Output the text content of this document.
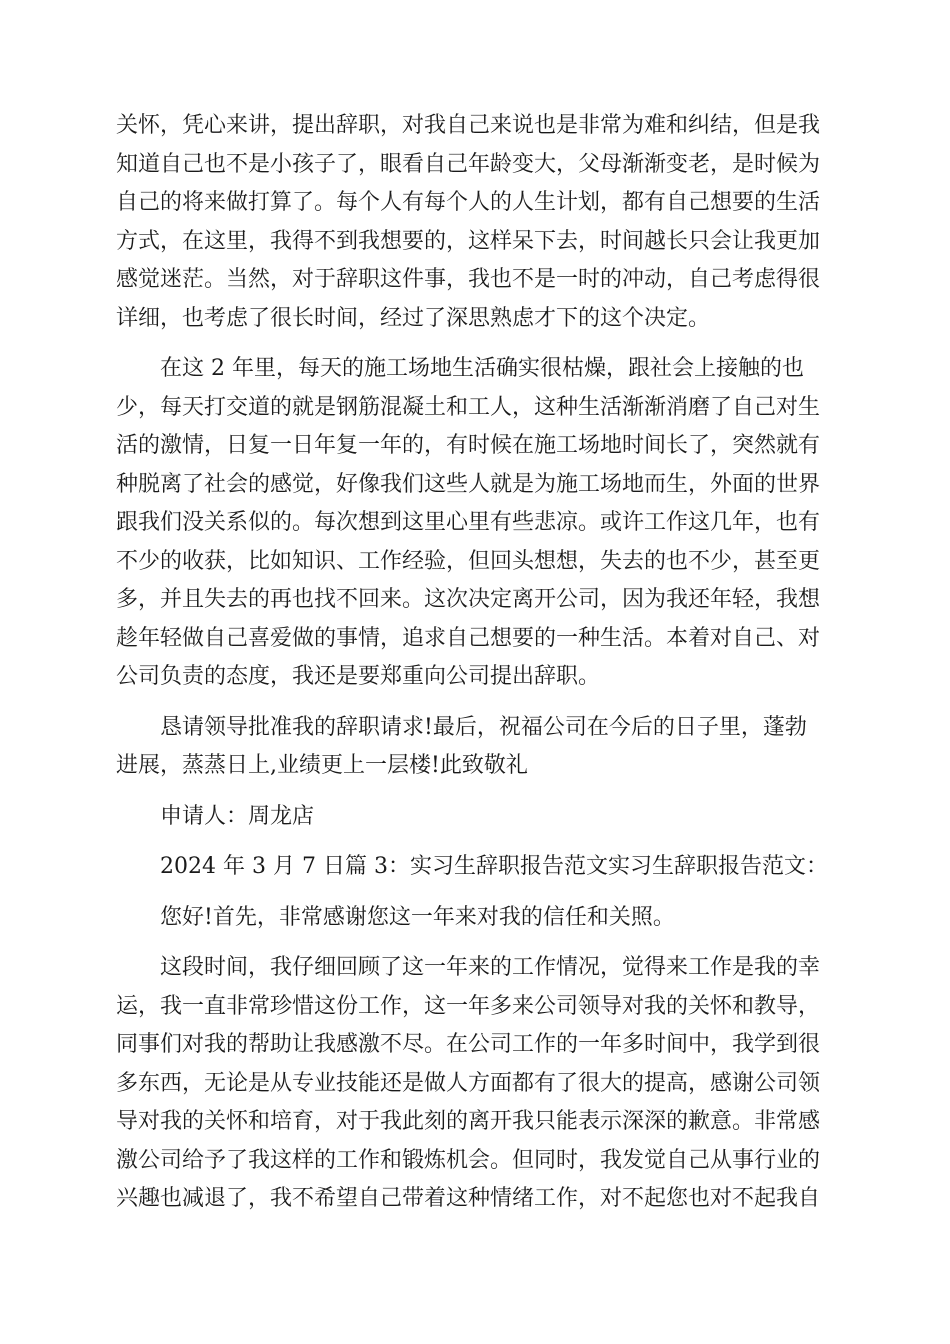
关怀，凭心来讲，提出辞职，对我自己来说也是非常为难和纠结，但是我
知道自己也不是小孩子了，眼看自己年龄变大，父母渐渐变老，是时候为
自己的将来做打算了。每个人有每个人的人生计划，都有自己想要的生活
方式，在这里，我得不到我想要的，这样呆下去，时间越长只会让我更加
感觉迷茫。当然，对于辞职这件事，我也不是一时的冲动，自己考虑得很
详细，也考虑了很长时间，经过了深思熟虑才下的这个决定。
在这 2 年里，每天的施工场地生活确实很枯燥，跟社会上接触的也
少，每天打交道的就是钢筋混凝土和工人，这种生活渐渐消磨了自己对生
活的激情，日复一日年复一年的，有时候在施工场地时间长了，突然就有
种脱离了社会的感觉，好像我们这些人就是为施工场地而生，外面的世界
跟我们没关系似的。每次想到这里心里有些悲凉。或许工作这几年，也有
不少的收获，比如知识、工作经验，但回头想想，失去的也不少，甚至更
多，并且失去的再也找不回来。这次决定离开公司，因为我还年轻，我想
趁年轻做自己喜爱做的事情，追求自己想要的一种生活。本着对自己、对
公司负责的态度，我还是要郑重向公司提出辞职。
恳请领导批准我的辞职请求!最后，祝福公司在今后的日子里，蓬勃
进展，蒸蒸日上,业绩更上一层楼!此致敬礼
申请人：周龙店
2024 年 3 月 7 日篇 3：实习生辞职报告范文实习生辞职报告范文：
您好!首先，非常感谢您这一年来对我的信任和关照。
这段时间，我仔细回顾了这一年来的工作情况，觉得来工作是我的幸
运，我一直非常珍惜这份工作，这一年多来公司领导对我的关怀和教导，
同事们对我的帮助让我感激不尽。在公司工作的一年多时间中，我学到很
多东西，无论是从专业技能还是做人方面都有了很大的提高，感谢公司领
导对我的关怀和培育，对于我此刻的离开我只能表示深深的歉意。非常感
激公司给予了我这样的工作和锻炼机会。但同时，我发觉自己从事行业的
兴趣也减退了，我不希望自己带着这种情绪工作，对不起您也对不起我自
